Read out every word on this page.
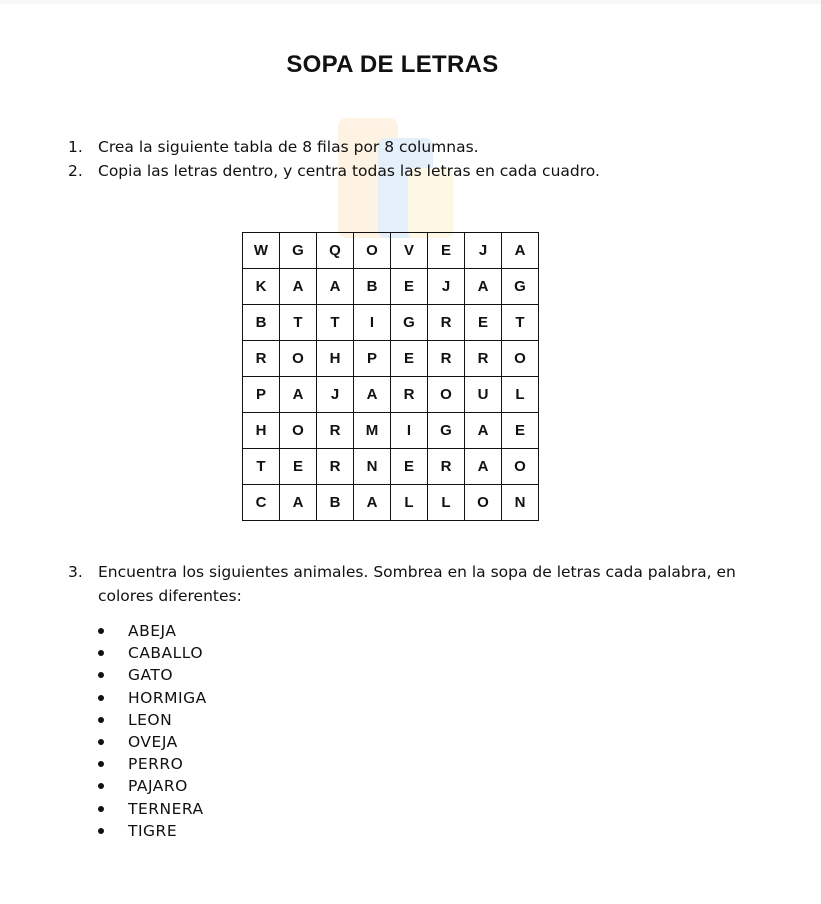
SOPA DE LETRAS
1. Crea la siguiente tabla de 8 filas por 8 columnas.
2. Copia las letras dentro, y centra todas las letras en cada cuadro.
W	G	Q	O	V	E	J	A
K	A	A	B	E	J	A	G
B	T	T	I	G	R	E	T
R	O	H	P	E	R	R	O
P	A	J	A	R	O	U	L
H	O	R	M	I	G	A	E
T	E	R	N	E	R	A	O
C	A	B	A	L	L	O	N
3. Encuentra los siguientes animales. Sombrea en la sopa de letras cada palabra, en colores diferentes:
ABEJA
CABALLO
GATO
HORMIGA
LEON
OVEJA
PERRO
PAJARO
TERNERA
TIGRE
